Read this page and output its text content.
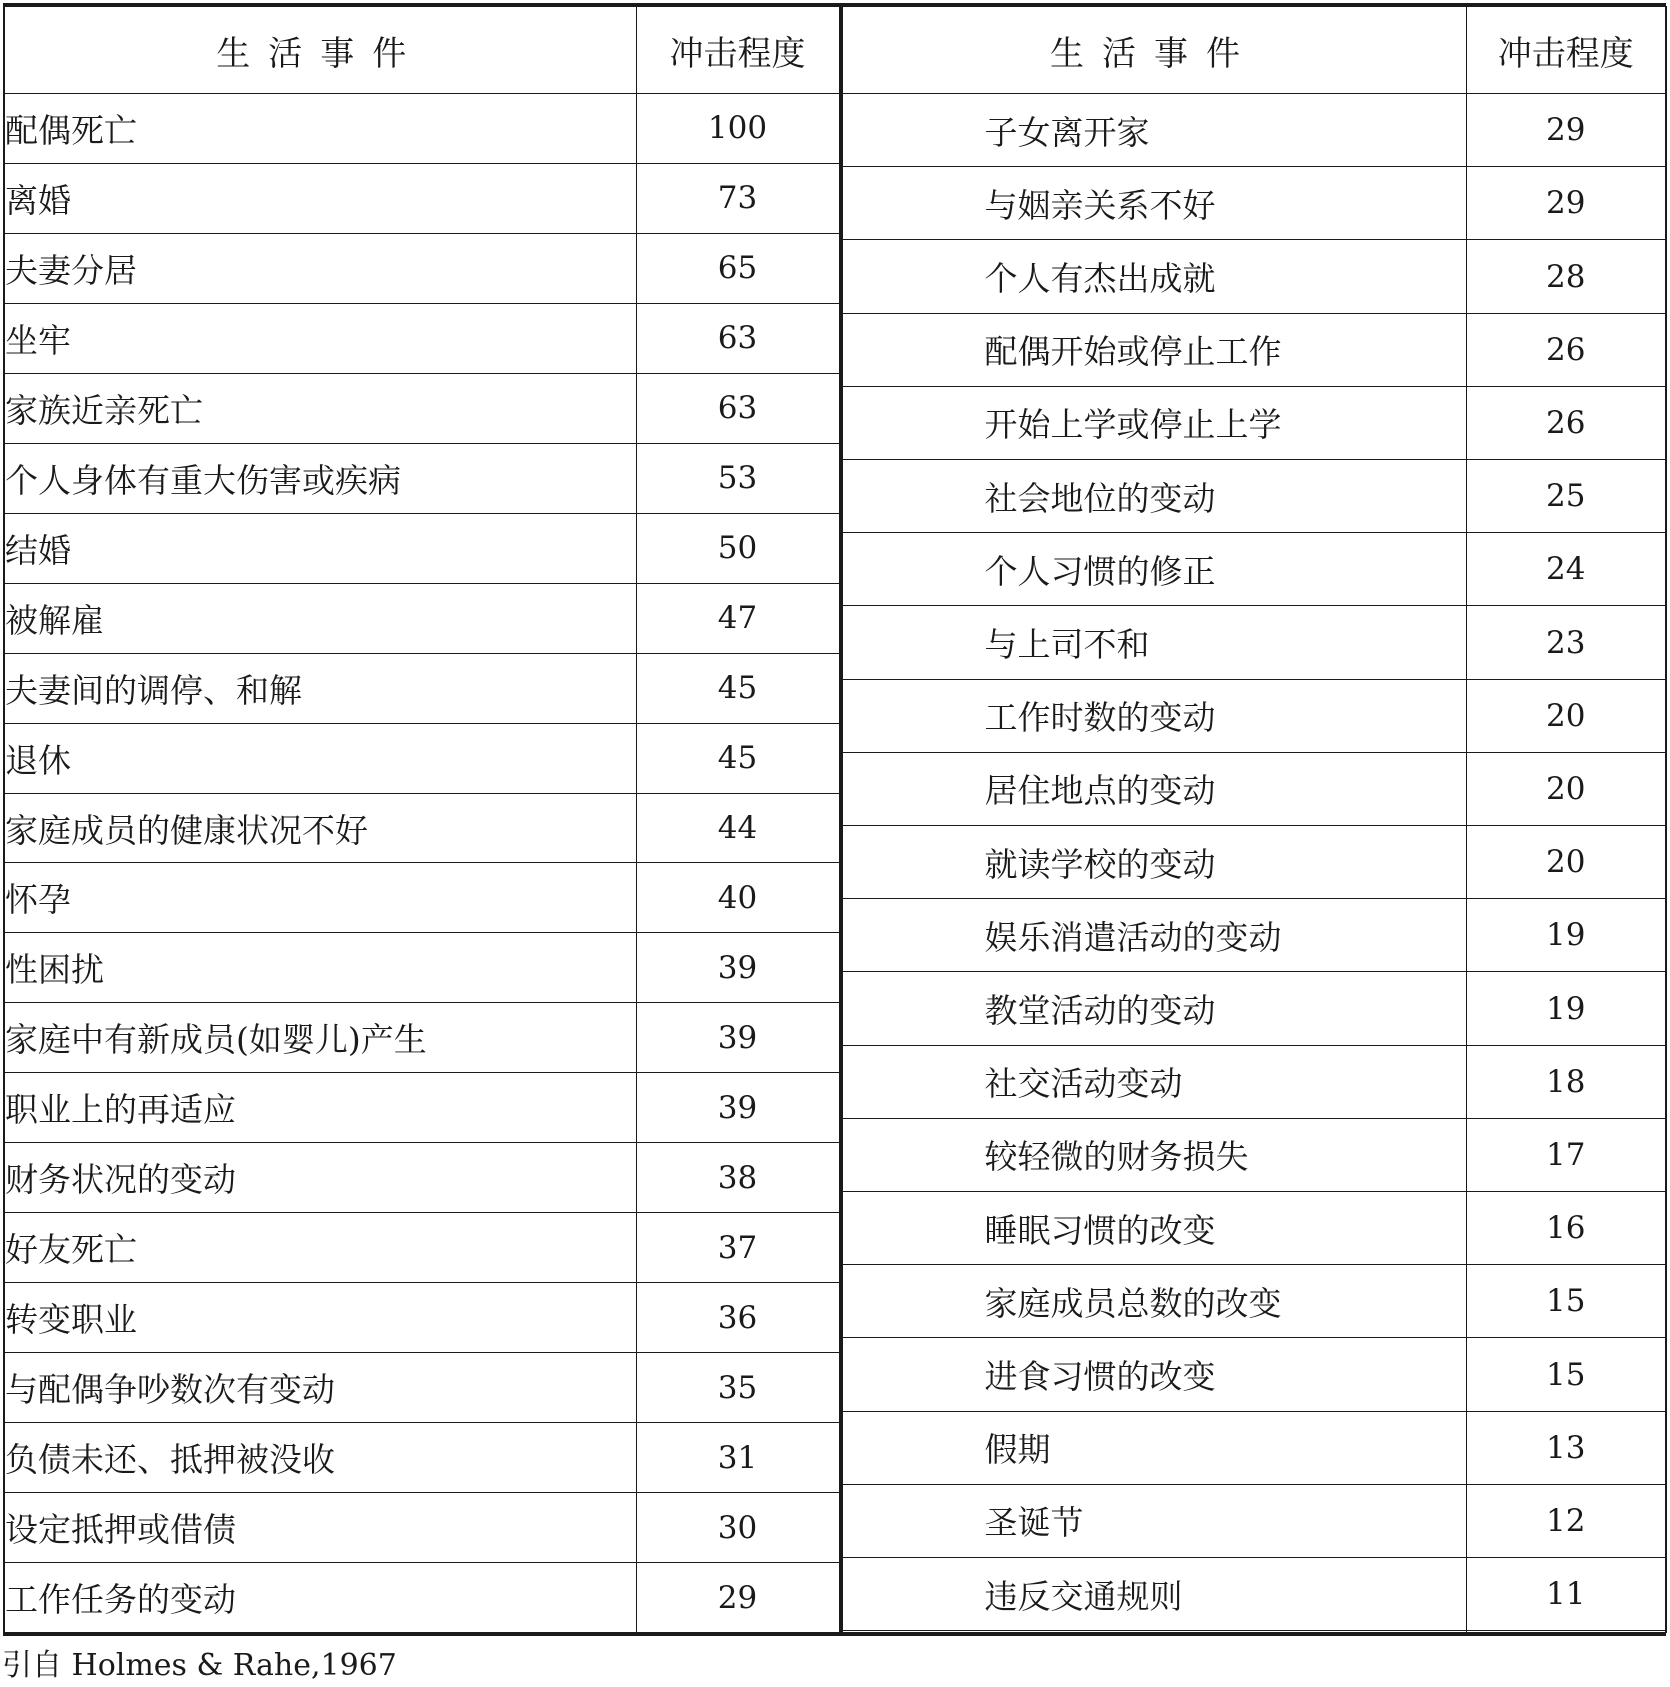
生活事件	冲击程度
配偶死亡	100
离婚	73
夫妻分居	65
坐牢	63
家族近亲死亡	63
个人身体有重大伤害或疾病	53
结婚	50
被解雇	47
夫妻间的调停、和解	45
退休	45
家庭成员的健康状况不好	44
怀孕	40
性困扰	39
家庭中有新成员(如婴儿)产生	39
职业上的再适应	39
财务状况的变动	38
好友死亡	37
转变职业	36
与配偶争吵数次有变动	35
负债未还、抵押被没收	31
设定抵押或借债	30
工作任务的变动	29
生活事件	冲击程度
子女离开家	29
与姻亲关系不好	29
个人有杰出成就	28
配偶开始或停止工作	26
开始上学或停止上学	26
社会地位的变动	25
个人习惯的修正	24
与上司不和	23
工作时数的变动	20
居住地点的变动	20
就读学校的变动	20
娱乐消遣活动的变动	19
教堂活动的变动	19
社交活动变动	18
较轻微的财务损失	17
睡眠习惯的改变	16
家庭成员总数的改变	15
进食习惯的改变	15
假期	13
圣诞节	12
违反交通规则	11

引自 Holmes & Rahe,1967
